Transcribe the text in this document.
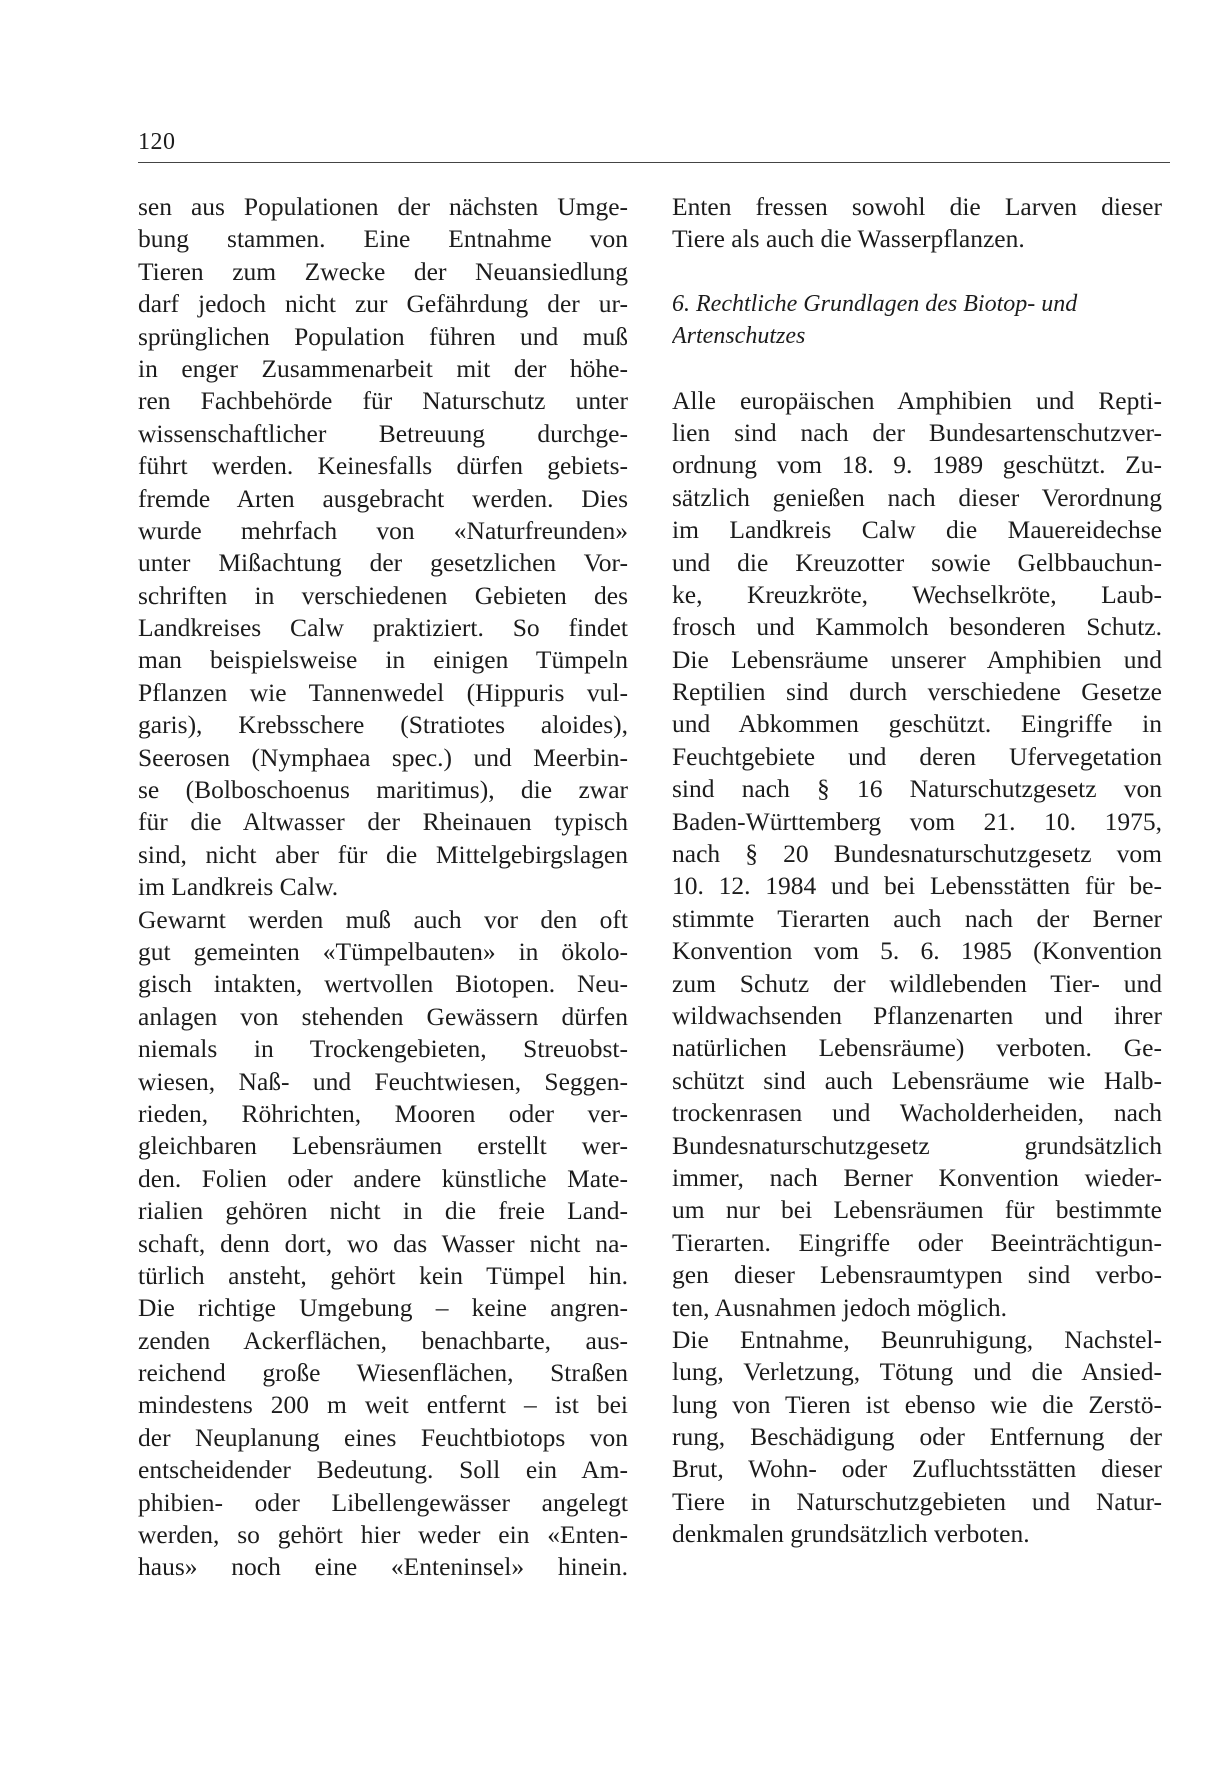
120
sen aus Populationen der nächsten Umge-
bung stammen. Eine Entnahme von
Tieren zum Zwecke der Neuansiedlung
darf jedoch nicht zur Gefährdung der ur-
sprünglichen Population führen und muß
in enger Zusammenarbeit mit der höhe-
ren Fachbehörde für Naturschutz unter
wissenschaftlicher Betreuung durchge-
führt werden. Keinesfalls dürfen gebiets-
fremde Arten ausgebracht werden. Dies
wurde mehrfach von «Naturfreunden»
unter Mißachtung der gesetzlichen Vor-
schriften in verschiedenen Gebieten des
Landkreises Calw praktiziert. So findet
man beispielsweise in einigen Tümpeln
Pflanzen wie Tannenwedel (Hippuris vul-
garis), Krebsschere (Stratiotes aloides),
Seerosen (Nymphaea spec.) und Meerbin-
se (Bolboschoenus maritimus), die zwar
für die Altwasser der Rheinauen typisch
sind, nicht aber für die Mittelgebirgslagen
im Landkreis Calw.
Gewarnt werden muß auch vor den oft
gut gemeinten «Tümpelbauten» in ökolo-
gisch intakten, wertvollen Biotopen. Neu-
anlagen von stehenden Gewässern dürfen
niemals in Trockengebieten, Streuobst-
wiesen, Naß- und Feuchtwiesen, Seggen-
rieden, Röhrichten, Mooren oder ver-
gleichbaren Lebensräumen erstellt wer-
den. Folien oder andere künstliche Mate-
rialien gehören nicht in die freie Land-
schaft, denn dort, wo das Wasser nicht na-
türlich ansteht, gehört kein Tümpel hin.
Die richtige Umgebung – keine angren-
zenden Ackerflächen, benachbarte, aus-
reichend große Wiesenflächen, Straßen
mindestens 200 m weit entfernt – ist bei
der Neuplanung eines Feuchtbiotops von
entscheidender Bedeutung. Soll ein Am-
phibien- oder Libellengewässer angelegt
werden, so gehört hier weder ein «Enten-
haus» noch eine «Enteninsel» hinein.
Enten fressen sowohl die Larven dieser
Tiere als auch die Wasserpflanzen.
6. Rechtliche Grundlagen des Biotop- und
Artenschutzes
Alle europäischen Amphibien und Repti-
lien sind nach der Bundesartenschutzver-
ordnung vom 18. 9. 1989 geschützt. Zu-
sätzlich genießen nach dieser Verordnung
im Landkreis Calw die Mauereidechse
und die Kreuzotter sowie Gelbbauchun-
ke, Kreuzkröte, Wechselkröte, Laub-
frosch und Kammolch besonderen Schutz.
Die Lebensräume unserer Amphibien und
Reptilien sind durch verschiedene Gesetze
und Abkommen geschützt. Eingriffe in
Feuchtgebiete und deren Ufervegetation
sind nach § 16 Naturschutzgesetz von
Baden-Württemberg vom 21. 10. 1975,
nach § 20 Bundesnaturschutzgesetz vom
10. 12. 1984 und bei Lebensstätten für be-
stimmte Tierarten auch nach der Berner
Konvention vom 5. 6. 1985 (Konvention
zum Schutz der wildlebenden Tier- und
wildwachsenden Pflanzenarten und ihrer
natürlichen Lebensräume) verboten. Ge-
schützt sind auch Lebensräume wie Halb-
trockenrasen und Wacholderheiden, nach
Bundesnaturschutzgesetz grundsätzlich
immer, nach Berner Konvention wieder-
um nur bei Lebensräumen für bestimmte
Tierarten. Eingriffe oder Beeinträchtigun-
gen dieser Lebensraumtypen sind verbo-
ten, Ausnahmen jedoch möglich.
Die Entnahme, Beunruhigung, Nachstel-
lung, Verletzung, Tötung und die Ansied-
lung von Tieren ist ebenso wie die Zerstö-
rung, Beschädigung oder Entfernung der
Brut, Wohn- oder Zufluchtsstätten dieser
Tiere in Naturschutzgebieten und Natur-
denkmalen grundsätzlich verboten.
